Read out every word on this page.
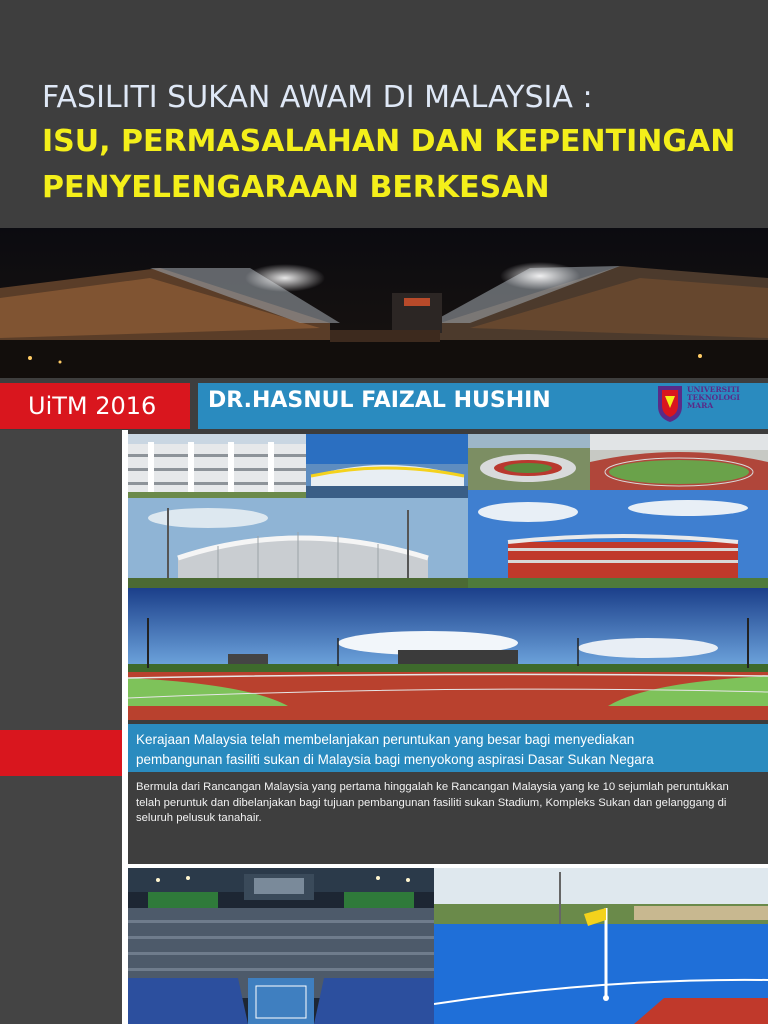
FASILITI SUKAN AWAM DI MALAYSIA :
ISU, PERMASALAHAN DAN KEPENTINGAN
PENYELENGARAAN BERKESAN
UiTM 2016 DR.HASNUL FAIZAL HUSHIN	UNIVERSITI
TEKNOLOGI
MARA
Kerajaan Malaysia telah membelanjakan peruntukan yang besar bagi menyediakan
pembangunan fasiliti sukan di Malaysia bagi menyokong aspirasi Dasar Sukan Negara
Bermula dari Rancangan Malaysia yang pertama hinggalah ke Rancangan Malaysia yang ke 10 sejumlah peruntukkan telah peruntuk dan dibelanjakan bagi tujuan pembangunan fasiliti sukan Stadium, Kompleks Sukan dan gelanggang di seluruh pelusuk tanahair.
